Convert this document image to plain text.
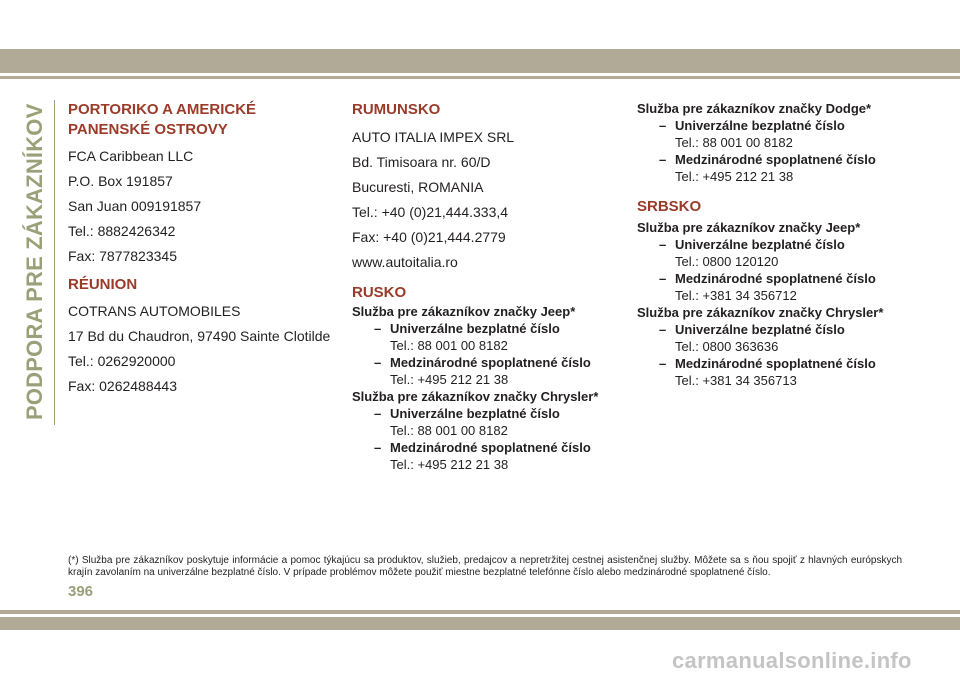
PODPORA PRE ZÁKAZNÍKOV PORTORIKO A AMERICKÉ

PANENSKÉ OSTROVY

FCA Caribbean LLC

P.O. Box 191857

San Juan 009191857

Tel.: 8882426342

Fax: 7877823345

RÉUNION

COTRANS AUTOMOBILES

17 Bd du Chaudron, 97490 Sainte Clotilde

Tel.: 0262920000

Fax: 0262488443

RUMUNSKO

AUTO ITALIA IMPEX SRL

Bd. Timisoara nr. 60/D

Bucuresti, ROMANIA

Tel.: +40 (0)21,444.333,4

Fax: +40 (0)21,444.2779

www.autoitalia.ro

RUSKO

Služba pre zákazníkov značky Jeep*

– Univerzálne bezplatné číslo

Tel.: 88 001 00 8182

– Medzinárodné spoplatnené číslo

Tel.: +495 212 21 38

Služba pre zákazníkov značky Chrysler*

– Univerzálne bezplatné číslo

Tel.: 88 001 00 8182

– Medzinárodné spoplatnené číslo

Tel.: +495 212 21 38

Služba pre zákazníkov značky Dodge*

– Univerzálne bezplatné číslo

Tel.: 88 001 00 8182

– Medzinárodné spoplatnené číslo

Tel.: +495 212 21 38

SRBSKO

Služba pre zákazníkov značky Jeep*

– Univerzálne bezplatné číslo

Tel.: 0800 120120

– Medzinárodné spoplatnené číslo

Tel.: +381 34 356712

Služba pre zákazníkov značky Chrysler*

– Univerzálne bezplatné číslo

Tel.: 0800 363636

– Medzinárodné spoplatnené číslo

Tel.: +381 34 356713

(*) Služba pre zákazníkov poskytuje informácie a pomoc týkajúcu sa produktov, služieb, predajcov a nepretržitej cestnej asistenčnej služby. Môžete sa s ňou spojiť z hlavných európskych krajín zavolaním na univerzálne bezplatné číslo. V prípade problémov môžete použiť miestne bezplatné telefónne číslo alebo medzinárodné spoplatnené číslo.

396
carmanualsonline.info
